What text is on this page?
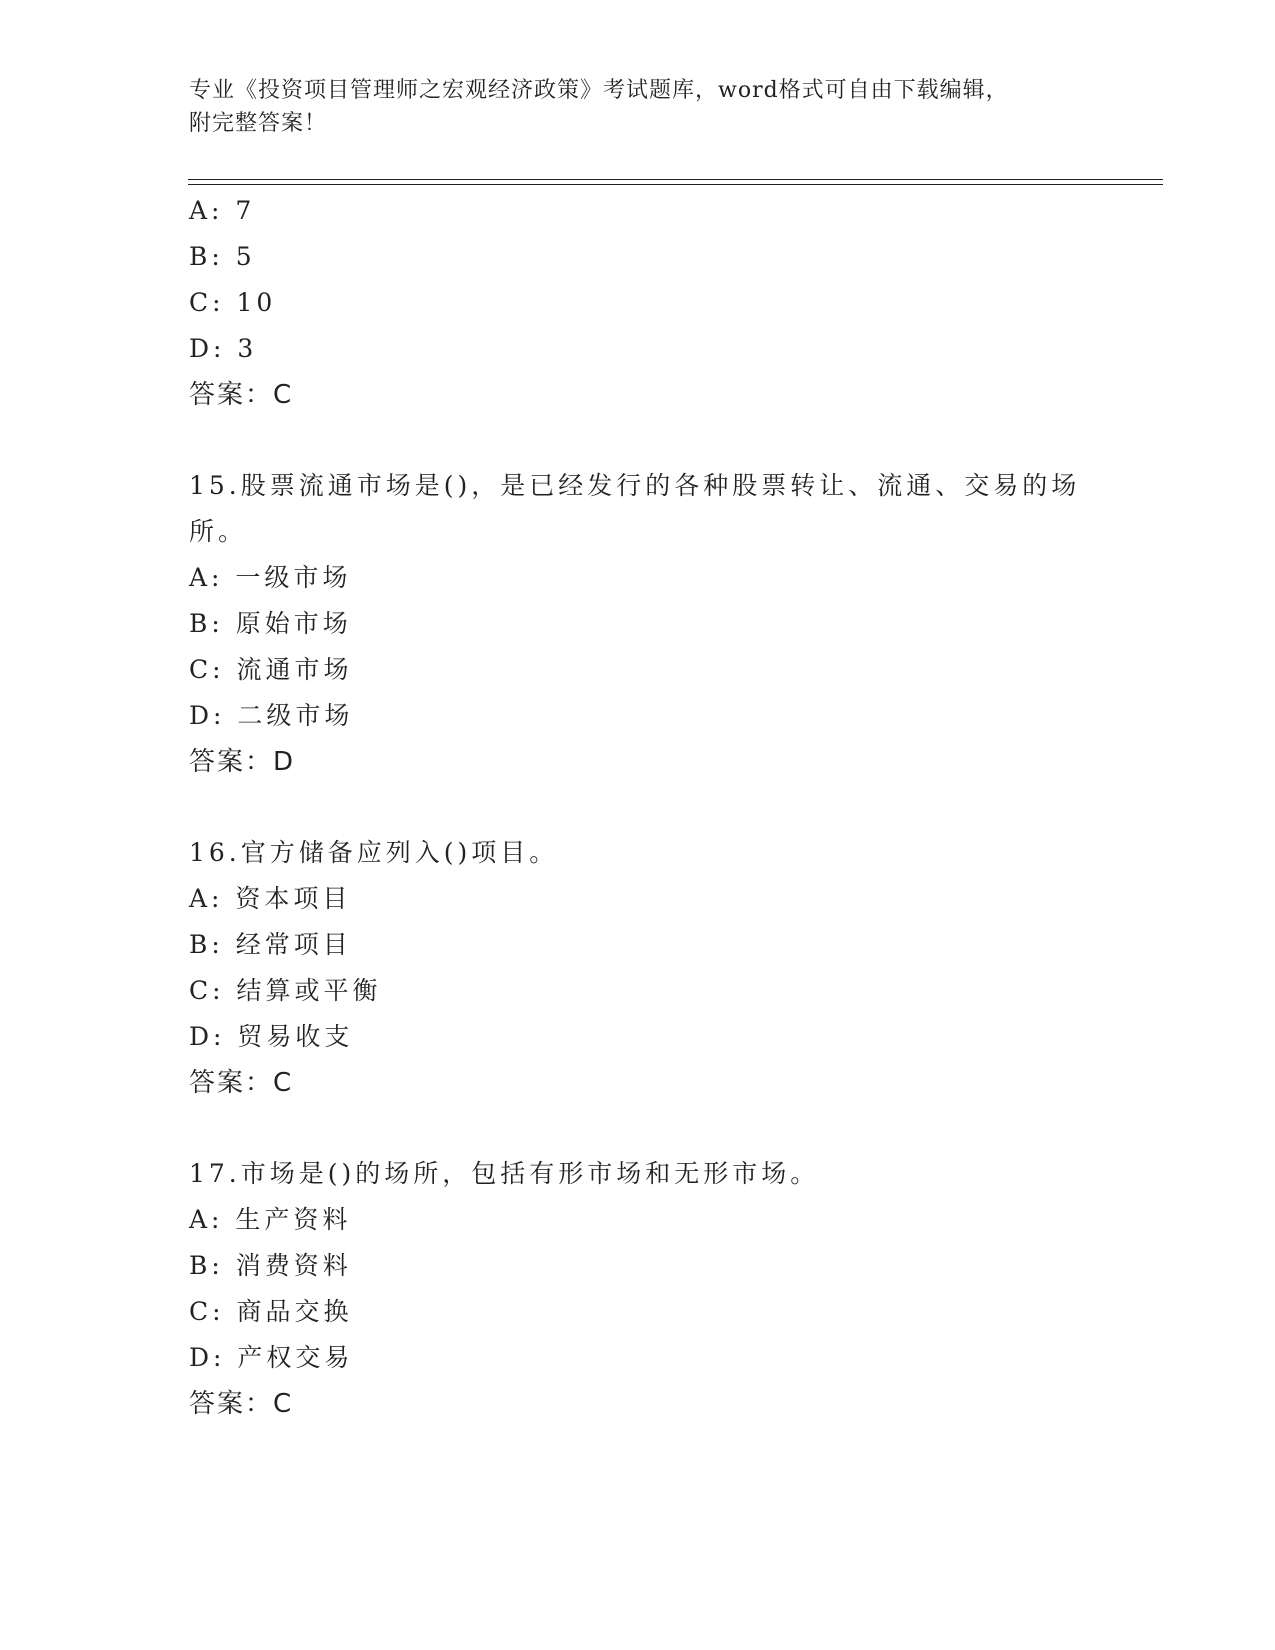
专业《投资项目管理师之宏观经济政策》考试题库，word格式可自由下载编辑，
附完整答案！
A: 7
B: 5
C: 10
D: 3
答案：C
15.股票流通市场是()，是已经发行的各种股票转让、流通、交易的场
所。
A: 一级市场
B: 原始市场
C: 流通市场
D: 二级市场
答案：D
16.官方储备应列入()项目。
A: 资本项目
B: 经常项目
C: 结算或平衡
D: 贸易收支
答案：C
17.市场是()的场所，包括有形市场和无形市场。
A: 生产资料
B: 消费资料
C: 商品交换
D: 产权交易
答案：C
